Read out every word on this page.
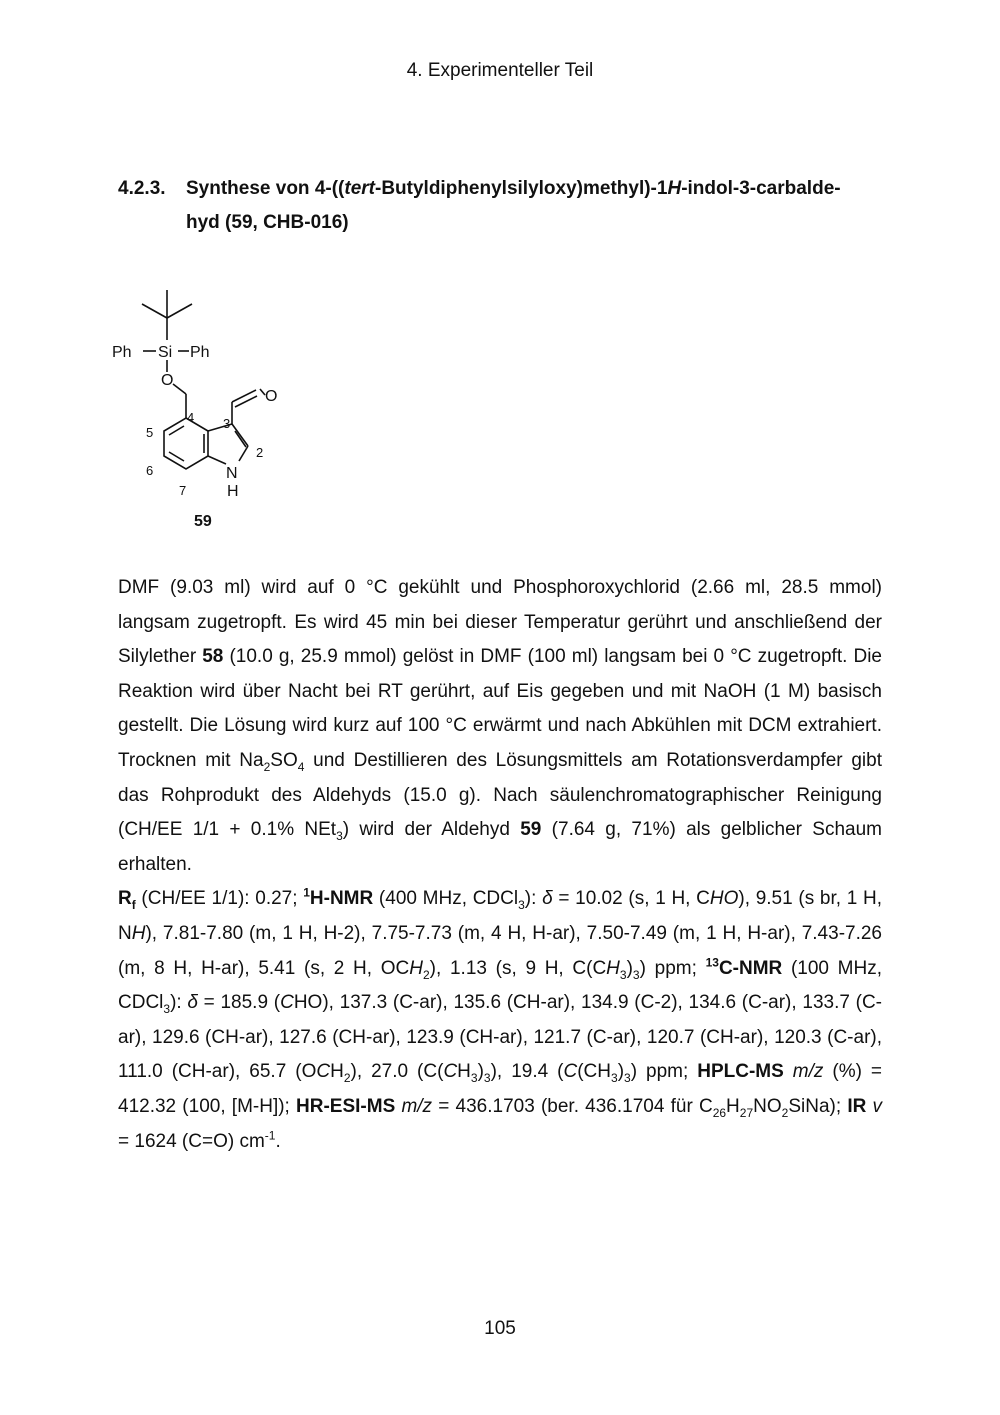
4. Experimenteller Teil
4.2.3. Synthese von 4-((tert-Butyldiphenylsilyloxy)methyl)-1H-indol-3-carbalde-
hyd (59, CHB-016)
Ph Si Ph
O
O
N
H
2
3
4
5
6
7
59

DMF (9.03 ml) wird auf 0 °C gekühlt und Phosphoroxychlorid (2.66 ml, 28.5 mmol) langsam zugetropft. Es wird 45 min bei dieser Temperatur gerührt und anschließend der Silylether 58 (10.0 g, 25.9 mmol) gelöst in DMF (100 ml) langsam bei 0 °C zugetropft. Die Reaktion wird über Nacht bei RT gerührt, auf Eis gegeben und mit NaOH (1 M) basisch gestellt. Die Lösung wird kurz auf 100 °C erwärmt und nach Abkühlen mit DCM extrahiert. Trocknen mit $Na_2SO_4$ und Destillieren des Lösungsmittels am Rotationsverdampfer gibt das Rohprodukt des Aldehyds (15.0 g). Nach säulenchromatographischer Reinigung (CH/EE 1/1 + 0.1% NEt$_3$) wird der Aldehyd 59 (7.64 g, 71%) als gelblicher Schaum erhalten.

$R_f$ (CH/EE 1/1): 0.27; $^1$H-NMR (400 MHz, CDCl$_3$): δ = 10.02 (s, 1 H, CHO), 9.51 (s br, 1 H, NH), 7.81-7.80 (m, 1 H, H-2), 7.75-7.73 (m, 4 H, H-ar), 7.50-7.49 (m, 1 H, H-ar), 7.43-7.26 (m, 8 H, H-ar), 5.41 (s, 2 H, $OCH_2$), 1.13 (s, 9 H, $C(CH_3)_3$) ppm; $^{13}$C-NMR (100 MHz, CDCl$_3$): δ = 185.9 (CHO), 137.3 (C-ar), 135.6 (CH-ar), 134.9 (C-2), 134.6 (C-ar), 133.7 (C-ar), 129.6 (CH-ar), 127.6 (CH-ar), 123.9 (CH-ar), 121.7 (C-ar), 120.7 (CH-ar), 120.3 (C-ar), 111.0 (CH-ar), 65.7 $(OCH_2)$, 27.0 $(C(CH_3)_3)$, 19.4 $(C(CH_3)_3)$ ppm; HPLC-MS m/z (%) = 412.32 (100, [M-H]); HR-ESI-MS m/z = 436.1703 (ber. 436.1704 für $C_{26}H_{27}NO_2SiNa$); IR v = 1624 (C=O) $cm^{-1}$.

105
